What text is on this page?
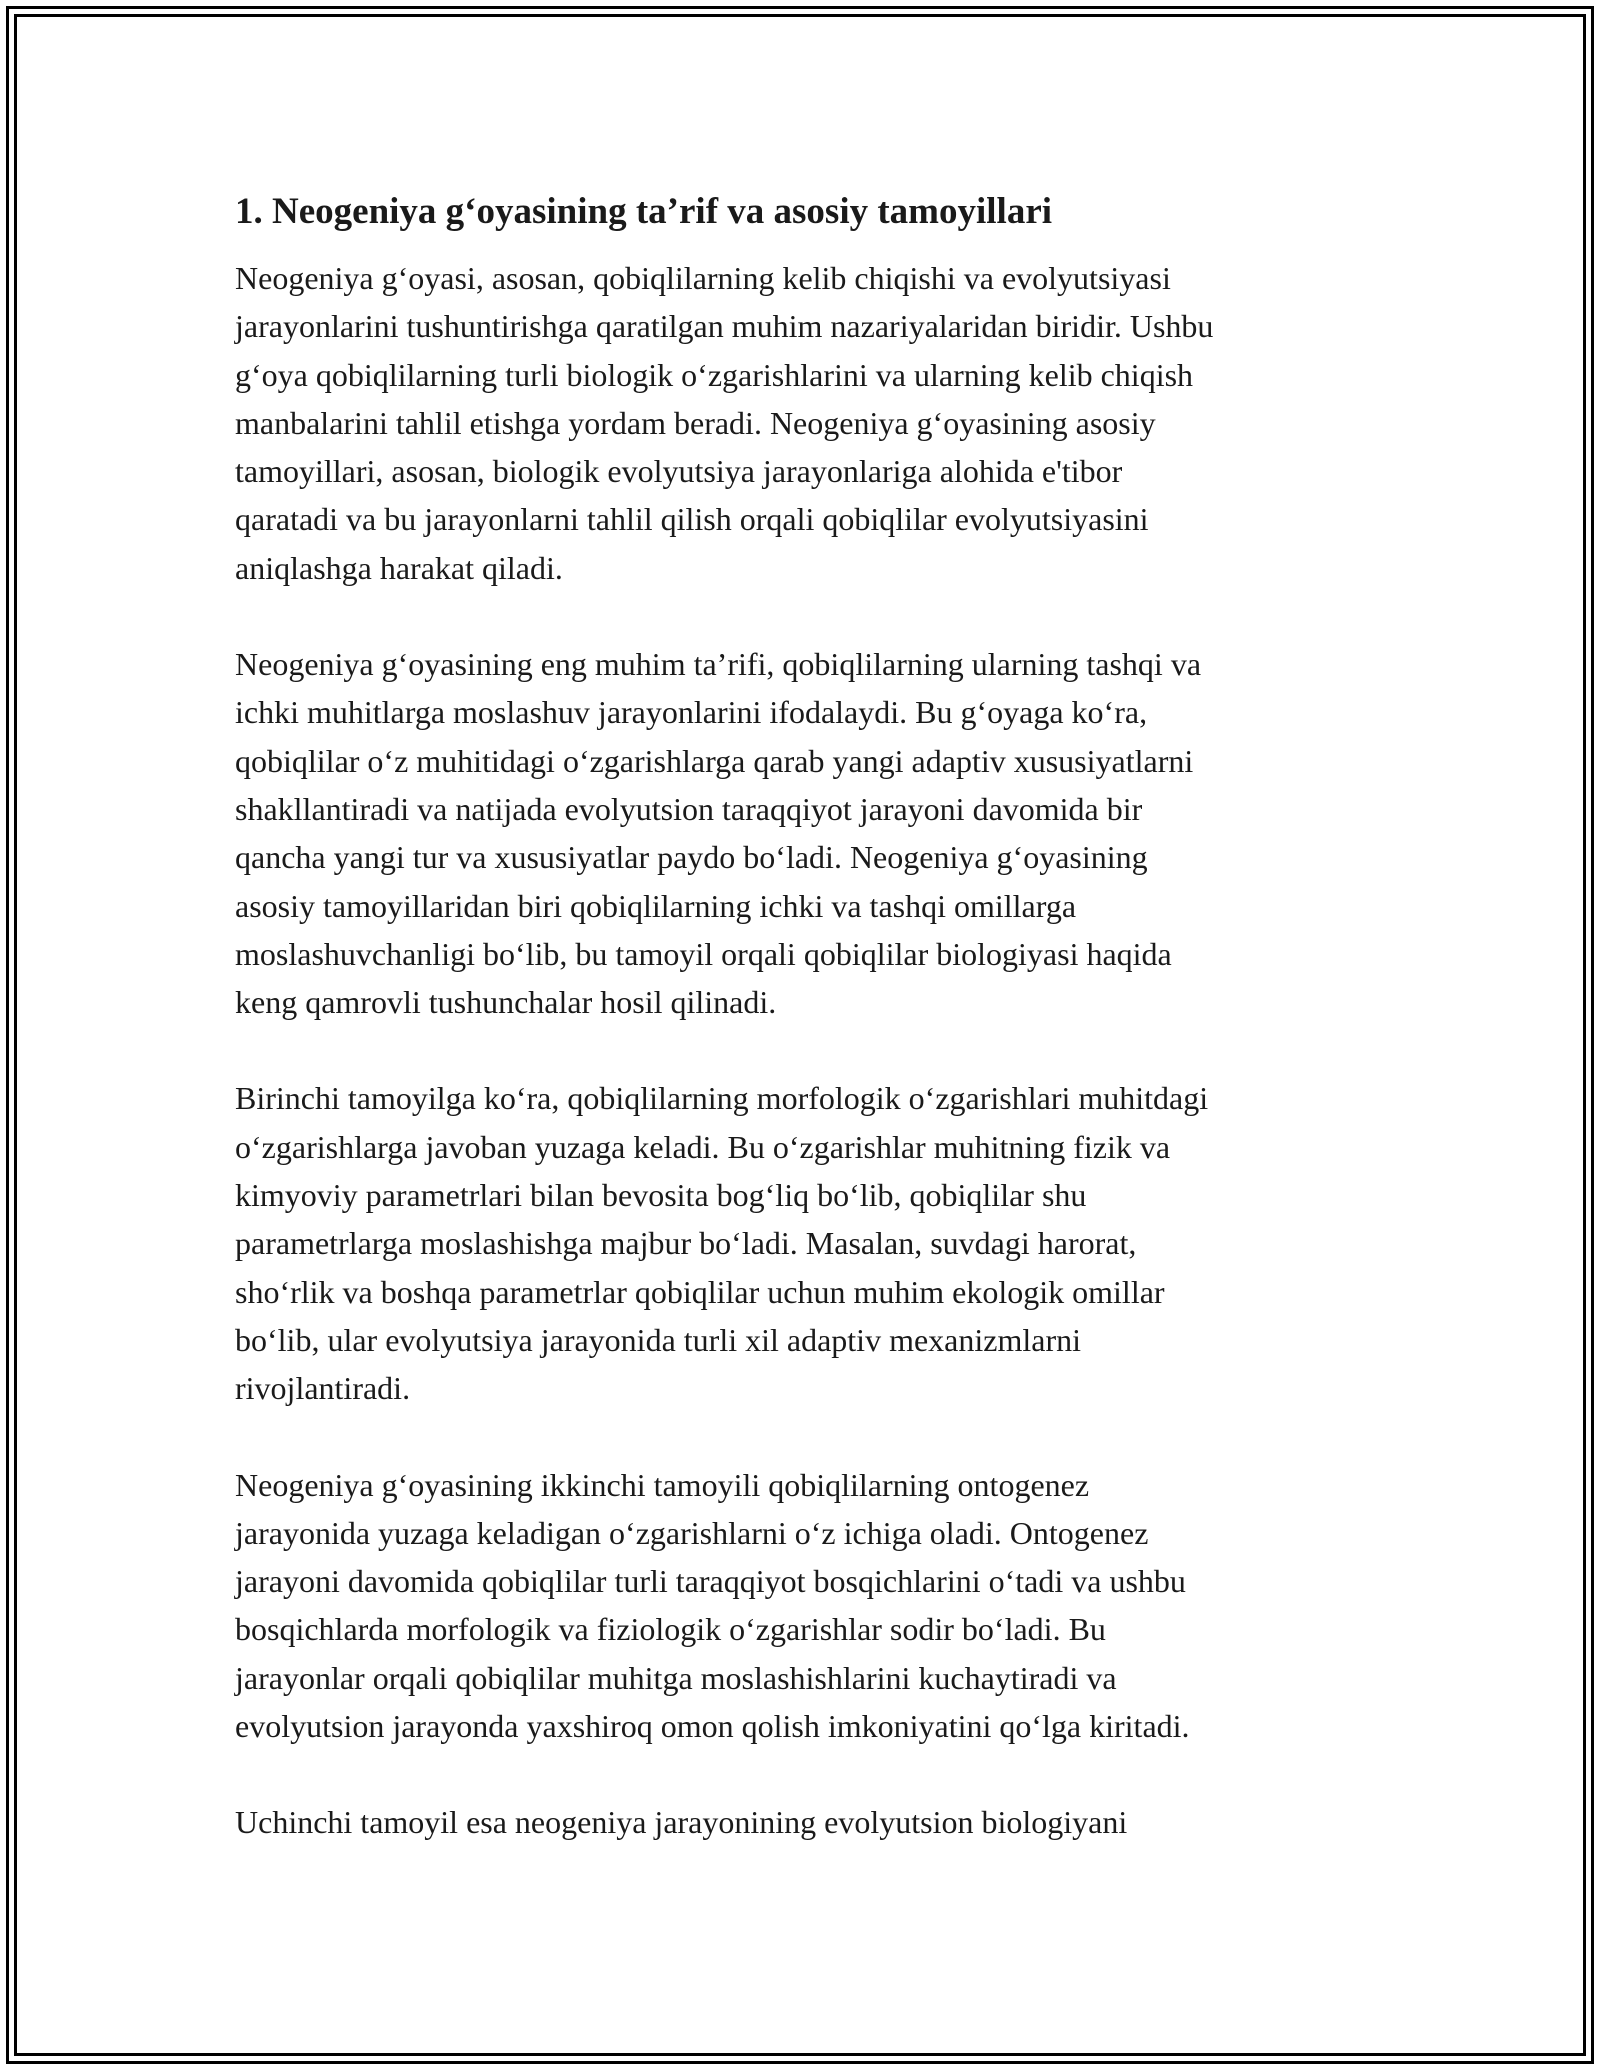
1. Neogeniya g‘oyasining ta’rif va asosiy tamoyillari

Neogeniya g‘oyasi, asosan, qobiqlilarning kelib chiqishi va evolyutsiyasi
jarayonlarini tushuntirishga qaratilgan muhim nazariyalaridan biridir. Ushbu
g‘oya qobiqlilarning turli biologik o‘zgarishlarini va ularning kelib chiqish
manbalarini tahlil etishga yordam beradi. Neogeniya g‘oyasining asosiy
tamoyillari, asosan, biologik evolyutsiya jarayonlariga alohida e'tibor
qaratadi va bu jarayonlarni tahlil qilish orqali qobiqlilar evolyutsiyasini
aniqlashga harakat qiladi.

Neogeniya g‘oyasining eng muhim ta’rifi, qobiqlilarning ularning tashqi va
ichki muhitlarga moslashuv jarayonlarini ifodalaydi. Bu g‘oyaga ko‘ra,
qobiqlilar o‘z muhitidagi o‘zgarishlarga qarab yangi adaptiv xususiyatlarni
shakllantiradi va natijada evolyutsion taraqqiyot jarayoni davomida bir
qancha yangi tur va xususiyatlar paydo bo‘ladi. Neogeniya g‘oyasining
asosiy tamoyillaridan biri qobiqlilarning ichki va tashqi omillarga
moslashuvchanligi bo‘lib, bu tamoyil orqali qobiqlilar biologiyasi haqida
keng qamrovli tushunchalar hosil qilinadi.

Birinchi tamoyilga ko‘ra, qobiqlilarning morfologik o‘zgarishlari muhitdagi
o‘zgarishlarga javoban yuzaga keladi. Bu o‘zgarishlar muhitning fizik va
kimyoviy parametrlari bilan bevosita bog‘liq bo‘lib, qobiqlilar shu
parametrlarga moslashishga majbur bo‘ladi. Masalan, suvdagi harorat,
sho‘rlik va boshqa parametrlar qobiqlilar uchun muhim ekologik omillar
bo‘lib, ular evolyutsiya jarayonida turli xil adaptiv mexanizmlarni
rivojlantiradi.

Neogeniya g‘oyasining ikkinchi tamoyili qobiqlilarning ontogenez
jarayonida yuzaga keladigan o‘zgarishlarni o‘z ichiga oladi. Ontogenez
jarayoni davomida qobiqlilar turli taraqqiyot bosqichlarini o‘tadi va ushbu
bosqichlarda morfologik va fiziologik o‘zgarishlar sodir bo‘ladi. Bu
jarayonlar orqali qobiqlilar muhitga moslashishlarini kuchaytiradi va
evolyutsion jarayonda yaxshiroq omon qolish imkoniyatini qo‘lga kiritadi.

Uchinchi tamoyil esa neogeniya jarayonining evolyutsion biologiyani
